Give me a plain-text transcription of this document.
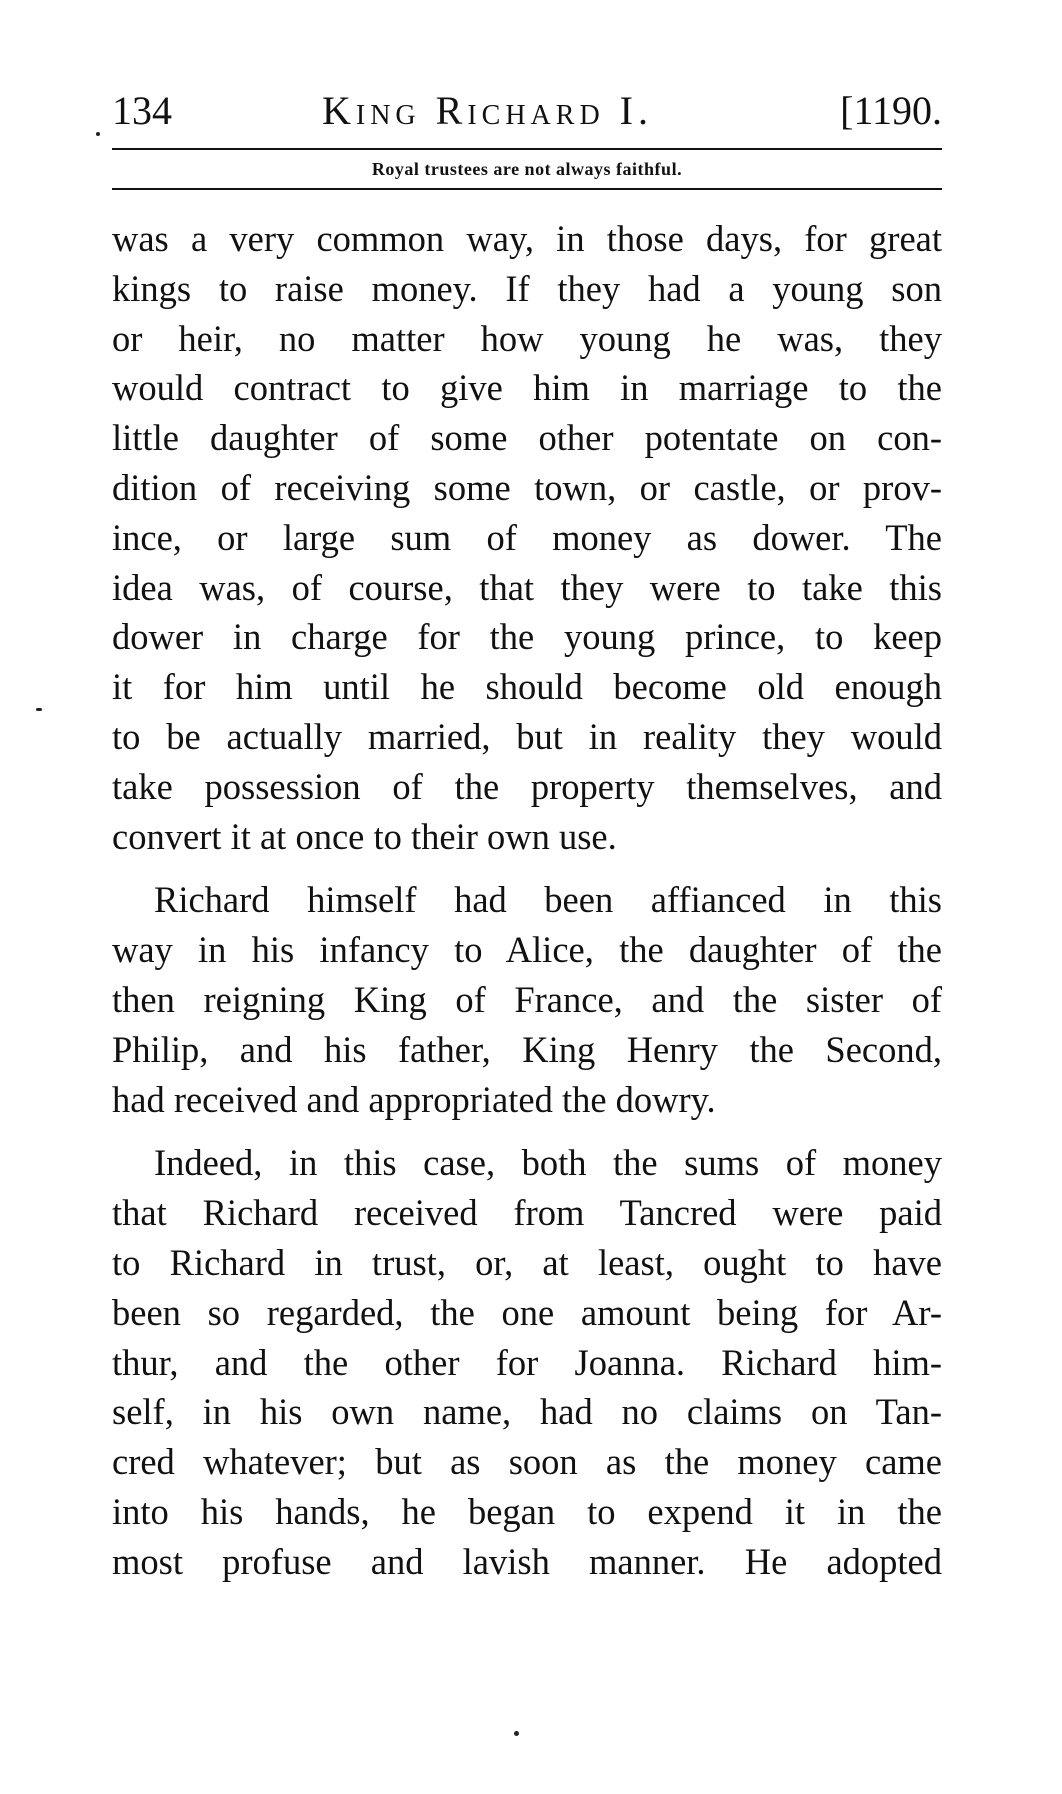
134	King Richard I.	[1190.
Royal trustees are not always faithful.

was a very common way, in those days, for great
kings to raise money. If they had a young son
or heir, no matter how young he was, they
would contract to give him in marriage to the
little daughter of some other potentate on con-
dition of receiving some town, or castle, or prov-
ince, or large sum of money as dower. The
idea was, of course, that they were to take this
dower in charge for the young prince, to keep
it for him until he should become old enough
to be actually married, but in reality they would
take possession of the property themselves, and
convert it at once to their own use.

Richard himself had been affianced in this
way in his infancy to Alice, the daughter of the
then reigning King of France, and the sister of
Philip, and his father, King Henry the Second,
had received and appropriated the dowry.

Indeed, in this case, both the sums of money
that Richard received from Tancred were paid
to Richard in trust, or, at least, ought to have
been so regarded, the one amount being for Ar-
thur, and the other for Joanna. Richard him-
self, in his own name, had no claims on Tan-
cred whatever; but as soon as the money came
into his hands, he began to expend it in the
most profuse and lavish manner. He adopted
